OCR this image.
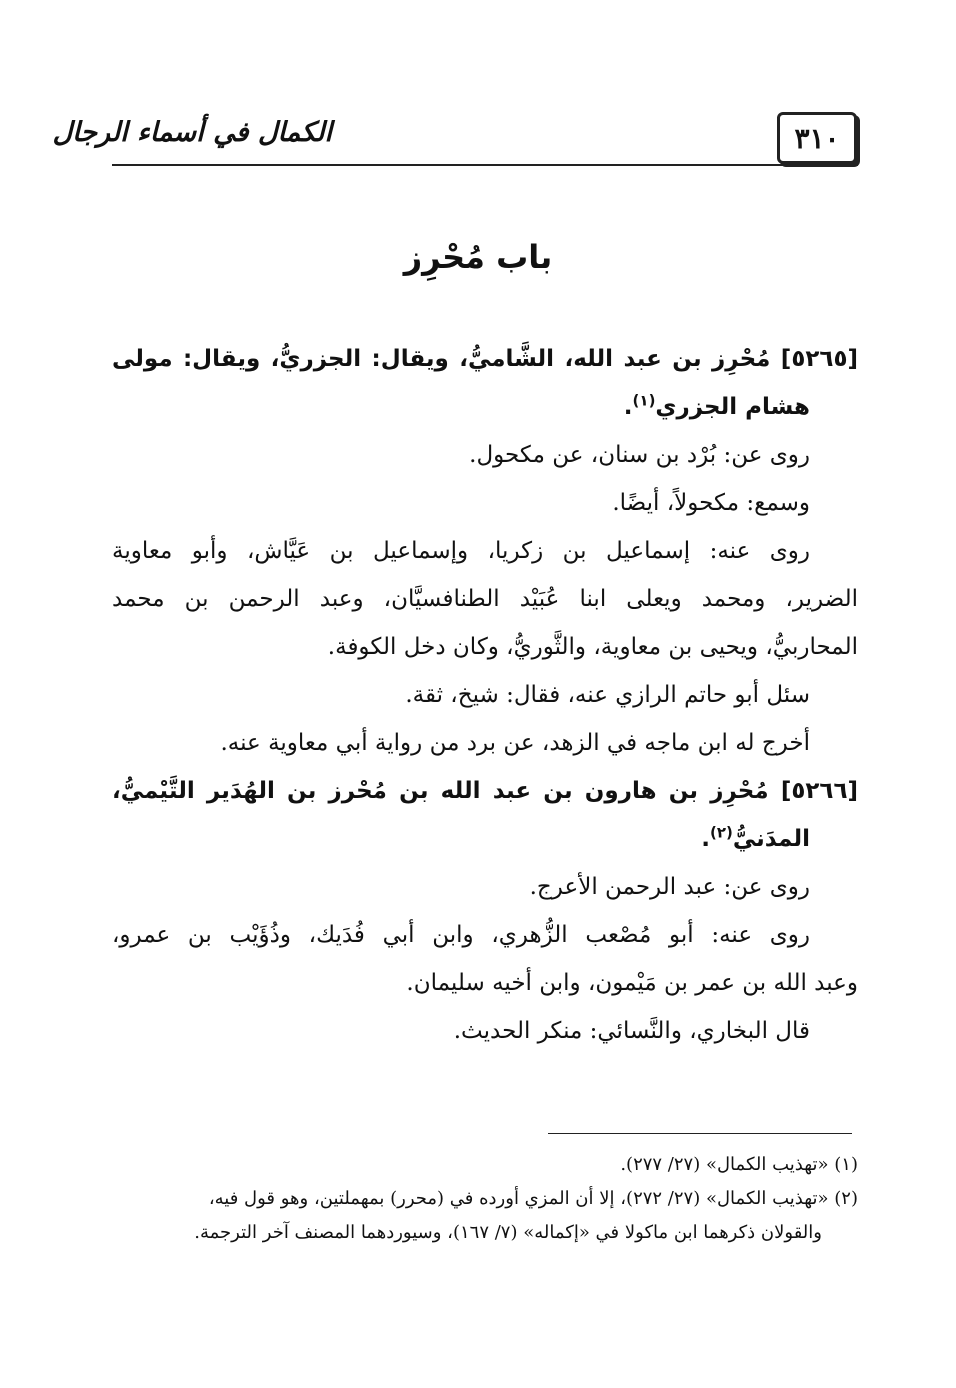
٣١٠
الكمال في أسماء الرجال
باب مُحْرِز
[٥٢٦٥] مُحْرِز بن عبد الله، الشَّاميُّ، ويقال: الجزريُّ، ويقال: مولى
هشام الجزري$^{(١)}$.
روى عن: بُرْد بن سنان، عن مكحول.
وسمع: مكحولاً، أيضًا.
روى عنه: إسماعيل بن زكريا، وإسماعيل بن عَيَّاش، وأبو معاوية
الضرير، ومحمد ويعلى ابنا عُبَيْد الطنافسيَّان، وعبد الرحمن بن محمد
المحاربيُّ، ويحيى بن معاوية، والثَّوريُّ، وكان دخل الكوفة.
سئل أبو حاتم الرازي عنه، فقال: شيخ، ثقة.
أخرج له ابن ماجه في الزهد، عن برد من رواية أبي معاوية عنه.
[٥٢٦٦] مُحْرِز بن هارون بن عبد الله بن مُحْرز بن الهُدَير التَّيْميُّ،
المدَنيُّ$^{(٢)}$.
روى عن: عبد الرحمن الأعرج.
روى عنه: أبو مُصْعب الزُّهري، وابن أبي فُدَيك، وذُؤَيْب بن عمرو،
وعبد الله بن عمر بن مَيْمون، وابن أخيه سليمان.
قال البخاري، والنَّسائي: منكر الحديث.
(١) «تهذيب الكمال» (٢٧/ ٢٧٧).
(٢) «تهذيب الكمال» (٢٧/ ٢٧٢)، إلا أن المزي أورده في (محرر) بمهملتين، وهو قول فيه،
والقولان ذكرهما ابن ماكولا في «إكماله» (٧/ ١٦٧)، وسيوردهما المصنف آخر الترجمة.
